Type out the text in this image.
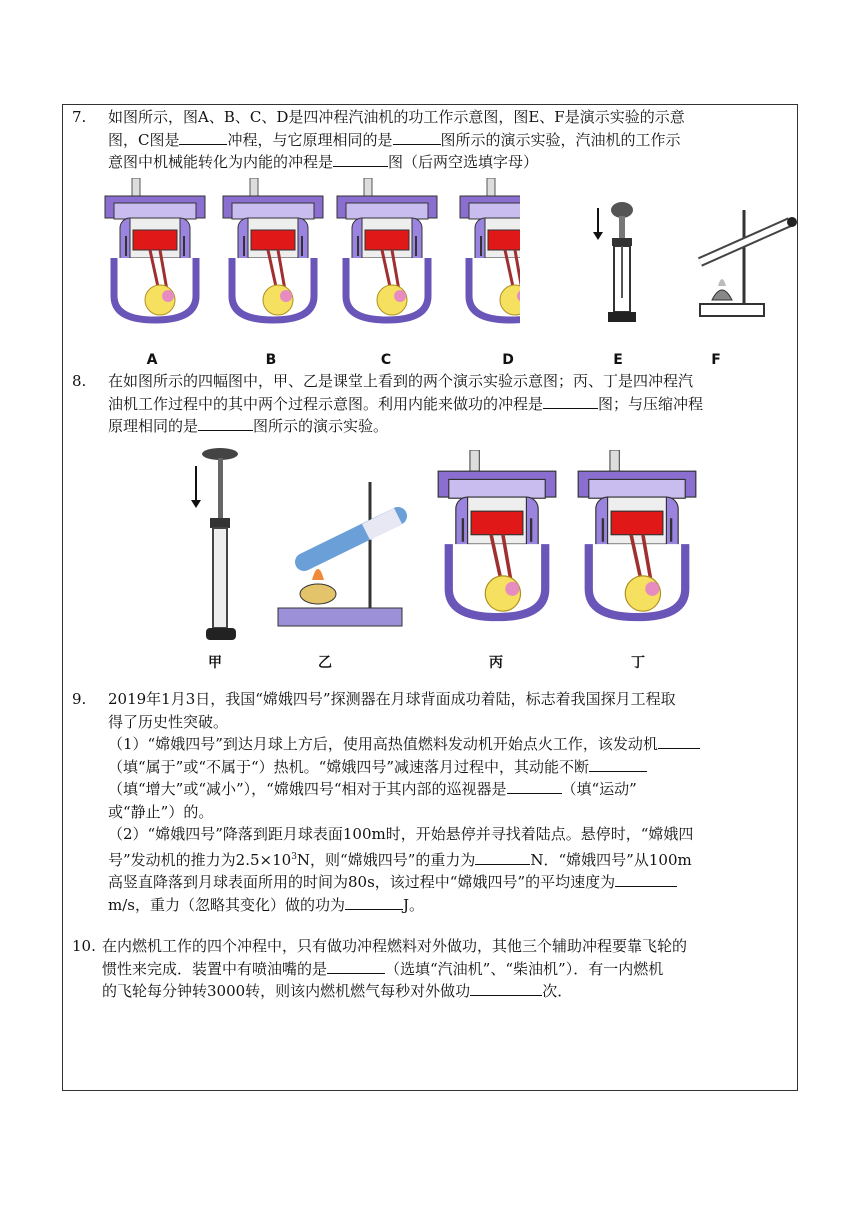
7. 如图所示，图A、B、C、D是四冲程汽油机的功工作示意图，图E、F是演示实验的示意
图，C图是	冲程，与它原理相同的是	图所示的演示实验，汽油机的工作示
意图中机械能转化为内能的冲程是	图（后两空选填字母）
A	B	C	D	E	F
8. 在如图所示的四幅图中，甲、乙是课堂上看到的两个演示实验示意图；丙、丁是四冲程汽
油机工作过程中的其中两个过程示意图。利用内能来做功的冲程是	图；与压缩冲程
原理相同的是	图所示的演示实验。
甲	乙	丙	丁
9. 2019年1月3日，我国“嫦娥四号”探测器在月球背面成功着陆，标志着我国探月工程取
得了历史性突破。
（1）“嫦娥四号”到达月球上方后，使用高热值燃料发动机开始点火工作，该发动机
（填“属于”或“不属于“）热机。“嫦娥四号”减速落月过程中，其动能不断
（填“增大”或“减小”），“嫦娥四号“相对于其内部的巡视器是	（填“运动”
或“静止”）的。
（2）“嫦娥四号”降落到距月球表面100m时，开始悬停并寻找着陆点。悬停时，“嫦娥四
号”发动机的推力为$2.5\times 10^3N$，则“嫦娥四号”的重力为	N．“嫦娥四号”从100m
高竖直降落到月球表面所用的时间为80s，该过程中“嫦娥四号”的平均速度为
m/s，重力（忽略其变化）做的功为	J。
10. 在内燃机工作的四个冲程中，只有做功冲程燃料对外做功，其他三个辅助冲程要靠飞轮的
惯性来完成．装置中有喷油嘴的是	（选填“汽油机”、“柴油机”）．有一内燃机
的飞轮每分钟转3000转，则该内燃机燃气每秒对外做功	次．
